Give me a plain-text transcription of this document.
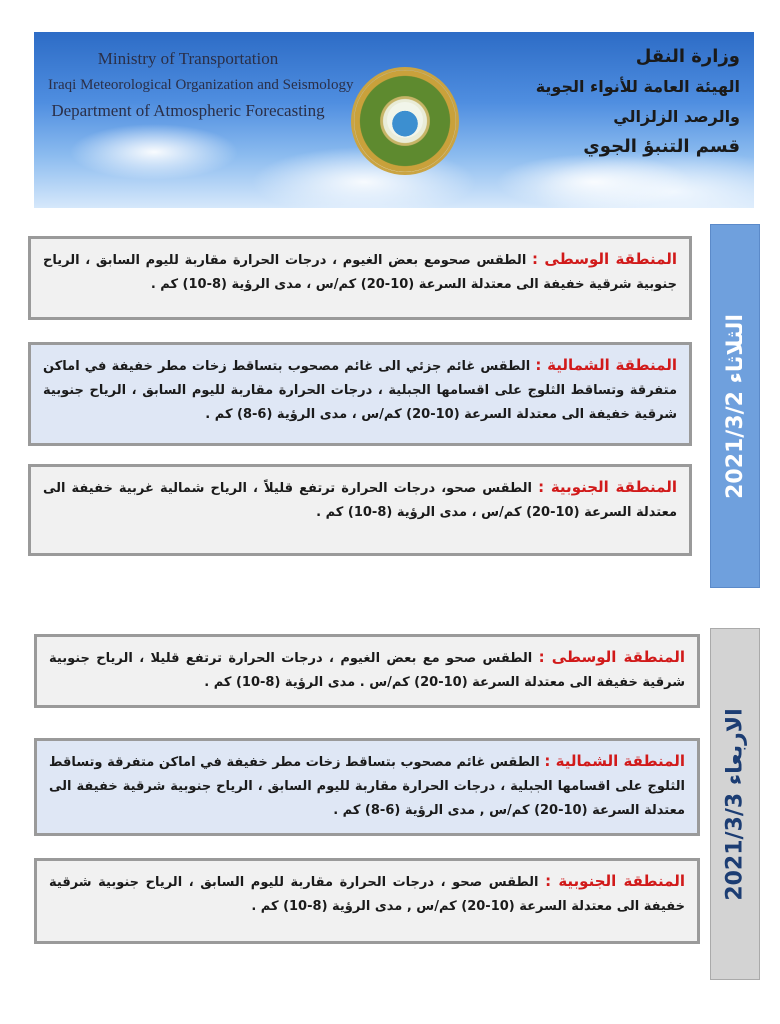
Ministry of Transportation
Iraqi Meteorological Organization and Seismology
Department of Atmospheric Forecasting
وزارة النقل
الهيئة العامة للأنواء الجوية والرصد الزلزالي
قسم التنبؤ الجوي
الثلاثاء 2021/3/2
المنطقة الوسطى : الطقس صحومع بعض الغيوم ، درجات الحرارة مقاربة لليوم السابق ، الرياح جنوبية شرقية خفيفة الى معتدلة السرعة (10-20) كم/س ، مدى الرؤية (8-10) كم .
المنطقة الشمالية : الطقس غائم جزئي الى غائم مصحوب بتساقط زخات مطر خفيفة في اماكن متفرقة وتساقط الثلوج على اقسامها الجبلية ، درجات الحرارة مقاربة لليوم السابق ، الرياح جنوبية شرقية خفيفة الى معتدلة السرعة (10-20) كم/س ، مدى الرؤية (6-8) كم .
المنطقة الجنوبية : الطقس صحو، درجات الحرارة ترتفع قليلاً ، الرياح شمالية غربية خفيفة الى معتدلة السرعة (10-20) كم/س ، مدى الرؤية (8-10) كم .
الاربعاء 2021/3/3
المنطقة الوسطى : الطقس صحو مع بعض الغيوم ، درجات الحرارة ترتفع قليلا ، الرياح جنوبية شرقية خفيفة الى معتدلة السرعة (10-20) كم/س . مدى الرؤية (8-10) كم .
المنطقة الشمالية : الطقس غائم مصحوب بتساقط زخات مطر خفيفة في اماكن متفرقة وتساقط الثلوج على اقسامها الجبلية ، درجات الحرارة مقاربة لليوم السابق ، الرياح جنوبية شرقية خفيفة الى معتدلة السرعة (10-20) كم/س , مدى الرؤية (6-8) كم .
المنطقة الجنوبية : الطقس صحو ، درجات الحرارة مقاربة لليوم السابق ، الرياح جنوبية شرقية خفيفة الى معتدلة السرعة (10-20) كم/س , مدى الرؤية (8-10) كم .
